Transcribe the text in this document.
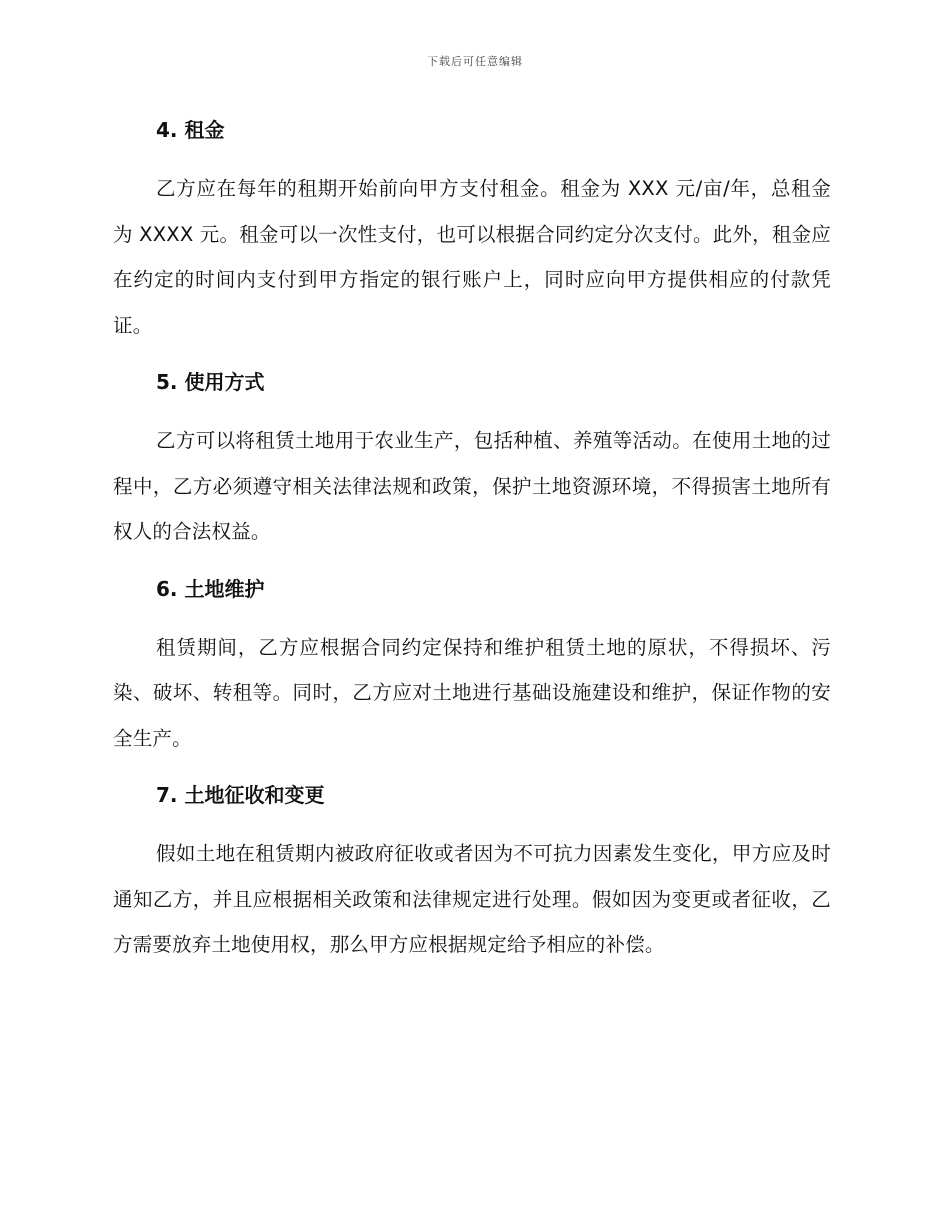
下载后可任意编辑
4. 租金

乙方应在每年的租期开始前向甲方支付租金。租金为 XXX 元/亩/年，总租金为 XXXX 元。租金可以一次性支付，也可以根据合同约定分次支付。此外，租金应在约定的时间内支付到甲方指定的银行账户上，同时应向甲方提供相应的付款凭证。

5. 使用方式

乙方可以将租赁土地用于农业生产，包括种植、养殖等活动。在使用土地的过程中，乙方必须遵守相关法律法规和政策，保护土地资源环境，不得损害土地所有权人的合法权益。

6. 土地维护

租赁期间，乙方应根据合同约定保持和维护租赁土地的原状，不得损坏、污染、破坏、转租等。同时，乙方应对土地进行基础设施建设和维护，保证作物的安全生产。

7. 土地征收和变更

假如土地在租赁期内被政府征收或者因为不可抗力因素发生变化，甲方应及时通知乙方，并且应根据相关政策和法律规定进行处理。假如因为变更或者征收，乙方需要放弃土地使用权，那么甲方应根据规定给予相应的补偿。
